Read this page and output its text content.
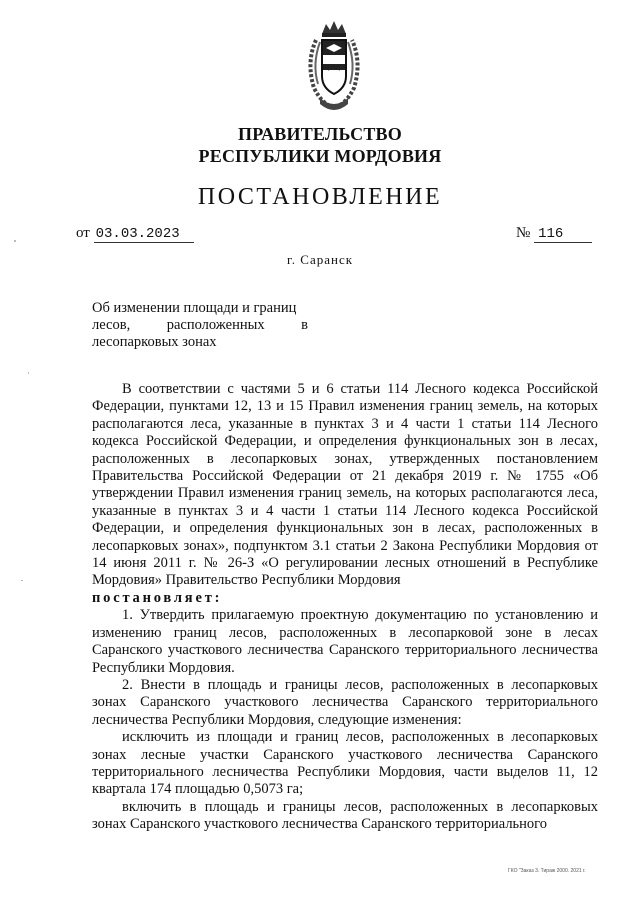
ПРАВИТЕЛЬСТВО
РЕСПУБЛИКИ МОРДОВИЯ
ПОСТАНОВЛЕНИЕ
от 03.03.2023	№ 116
г. Саранск
Об изменении площади и границ
лесов, расположенных в
лесопарковых зонах

В соответствии с частями 5 и 6 статьи 114 Лесного кодекса Российской Федерации, пунктами 12, 13 и 15 Правил изменения границ земель, на которых располагаются леса, указанные в пунктах 3 и 4 части 1 статьи 114 Лесного кодекса Российской Федерации, и определения функциональных зон в лесах, расположенных в лесопарковых зонах, утвержденных постановлением Правительства Российской Федерации от 21 декабря 2019 г. № 1755 «Об утверждении Правил изменения границ земель, на которых располагаются леса, указанные в пунктах 3 и 4 части 1 статьи 114 Лесного кодекса Российской Федерации, и определения функциональных зон в лесах, расположенных в лесопарковых зонах», подпунктом 3.1 статьи 2 Закона Республики Мордовия от 14 июня 2011 г. № 26-З «О регулировании лесных отношений в Республике Мордовия» Правительство Республики Мордовия

постановляет:

1. Утвердить прилагаемую проектную документацию по установлению и изменению границ лесов, расположенных в лесопарковой зоне в лесах Саранского участкового лесничества Саранского территориального лесничества Республики Мордовия.

2. Внести в площадь и границы лесов, расположенных в лесопарковых зонах Саранского участкового лесничества Саранского территориального лесничества Республики Мордовия, следующие изменения:

исключить из площади и границ лесов, расположенных в лесопарковых зонах лесные участки Саранского участкового лесничества Саранского территориального лесничества Республики Мордовия, части выделов 11, 12 квартала 174 площадью 0,5073 га;

включить в площадь и границы лесов, расположенных в лесопарковых зонах Саранского участкового лесничества Саранского территориального

ГКО "Заказ 3. Тираж 2000. 2021 г.
